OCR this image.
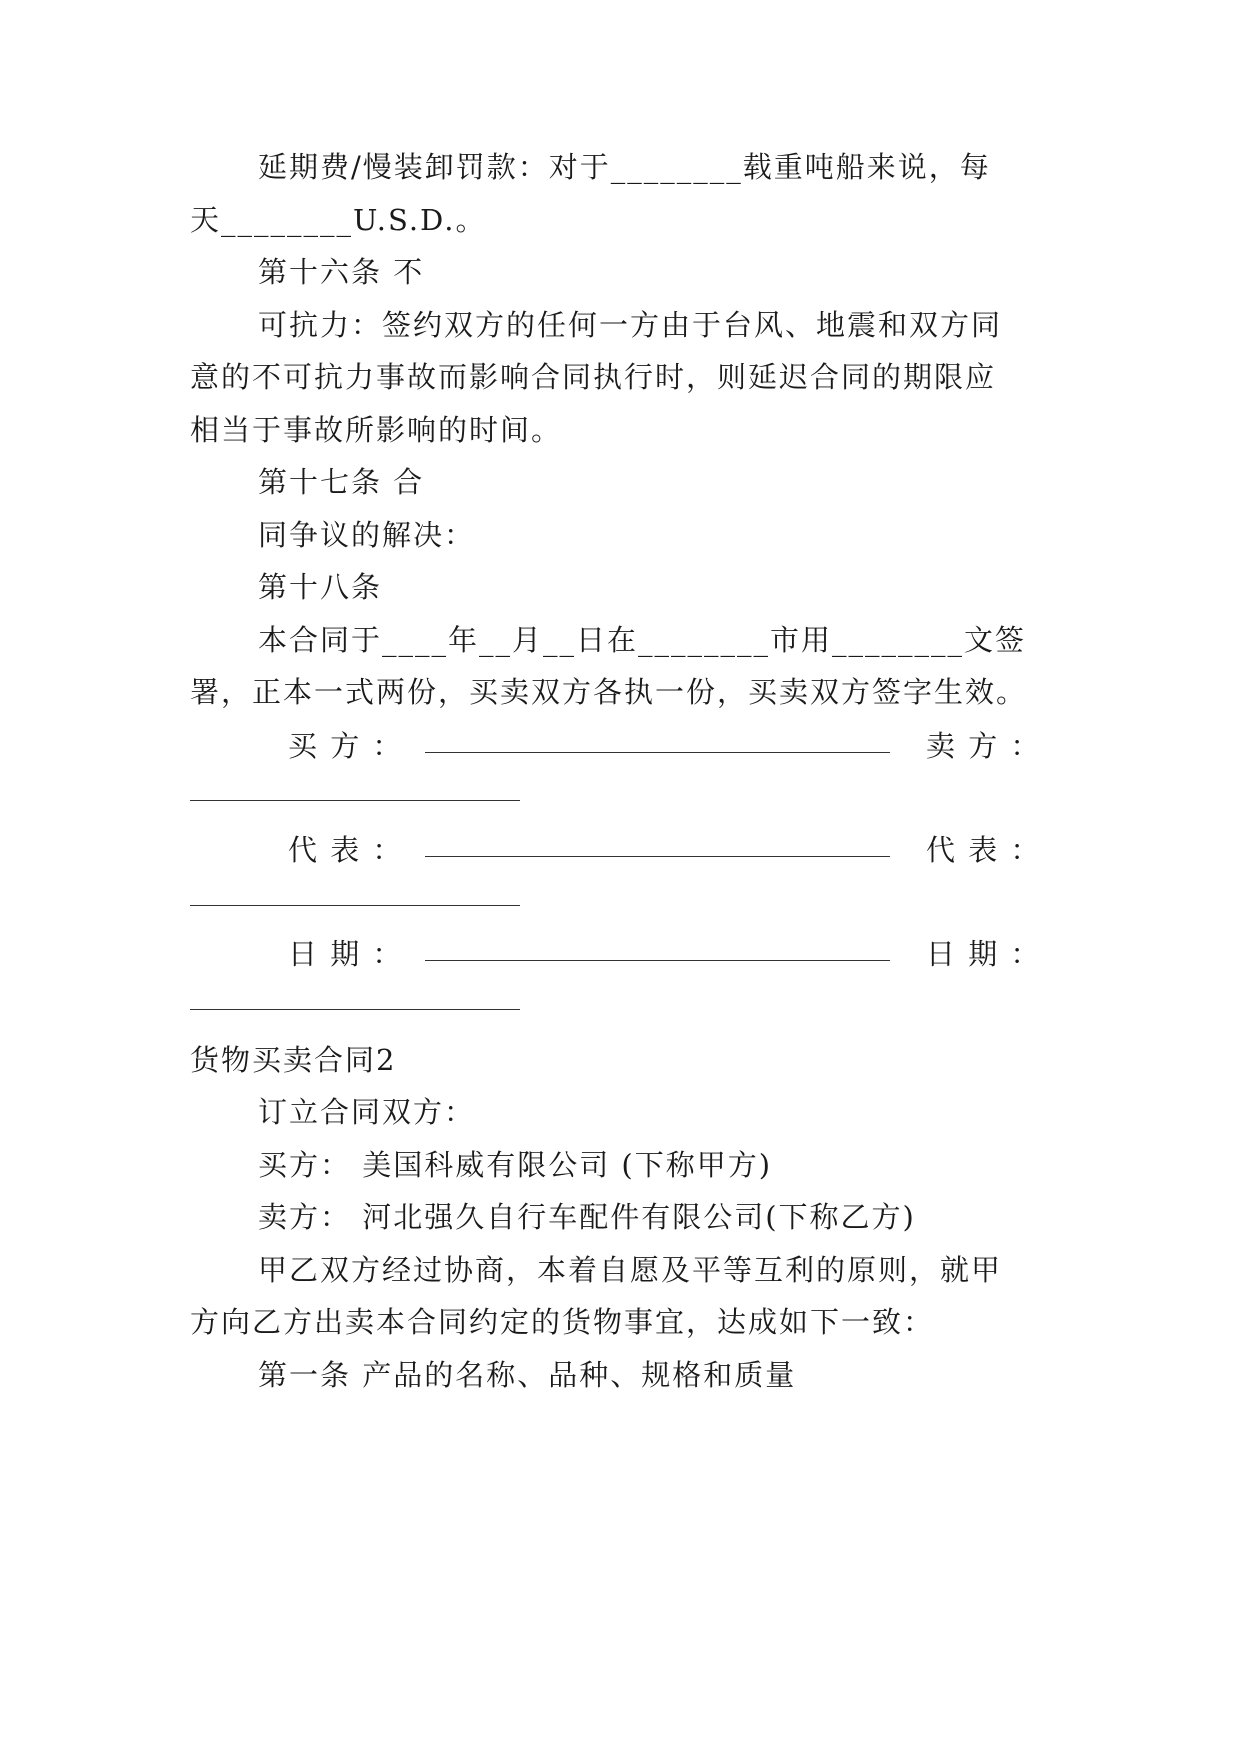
延期费/慢装卸罚款：对于________载重吨船来说，每
天________U.S.D.。
第十六条 不
可抗力：签约双方的任何一方由于台风、地震和双方同
意的不可抗力事故而影响合同执行时，则延迟合同的期限应
相当于事故所影响的时间。
第十七条 合
同争议的解决：
第十八条
本合同于____年__月__日在________市用________文签
署，正本一式两份，买卖双方各执一份，买卖双方签字生效。
买 方 ：	卖 方 ：
代 表 ：	代 表 ：
日 期 ：	日 期 ：
货物买卖合同2
订立合同双方：
买方： 美国科威有限公司 (下称甲方)
卖方： 河北强久自行车配件有限公司(下称乙方)
甲乙双方经过协商，本着自愿及平等互利的原则，就甲
方向乙方出卖本合同约定的货物事宜，达成如下一致：
第一条 产品的名称、品种、规格和质量
